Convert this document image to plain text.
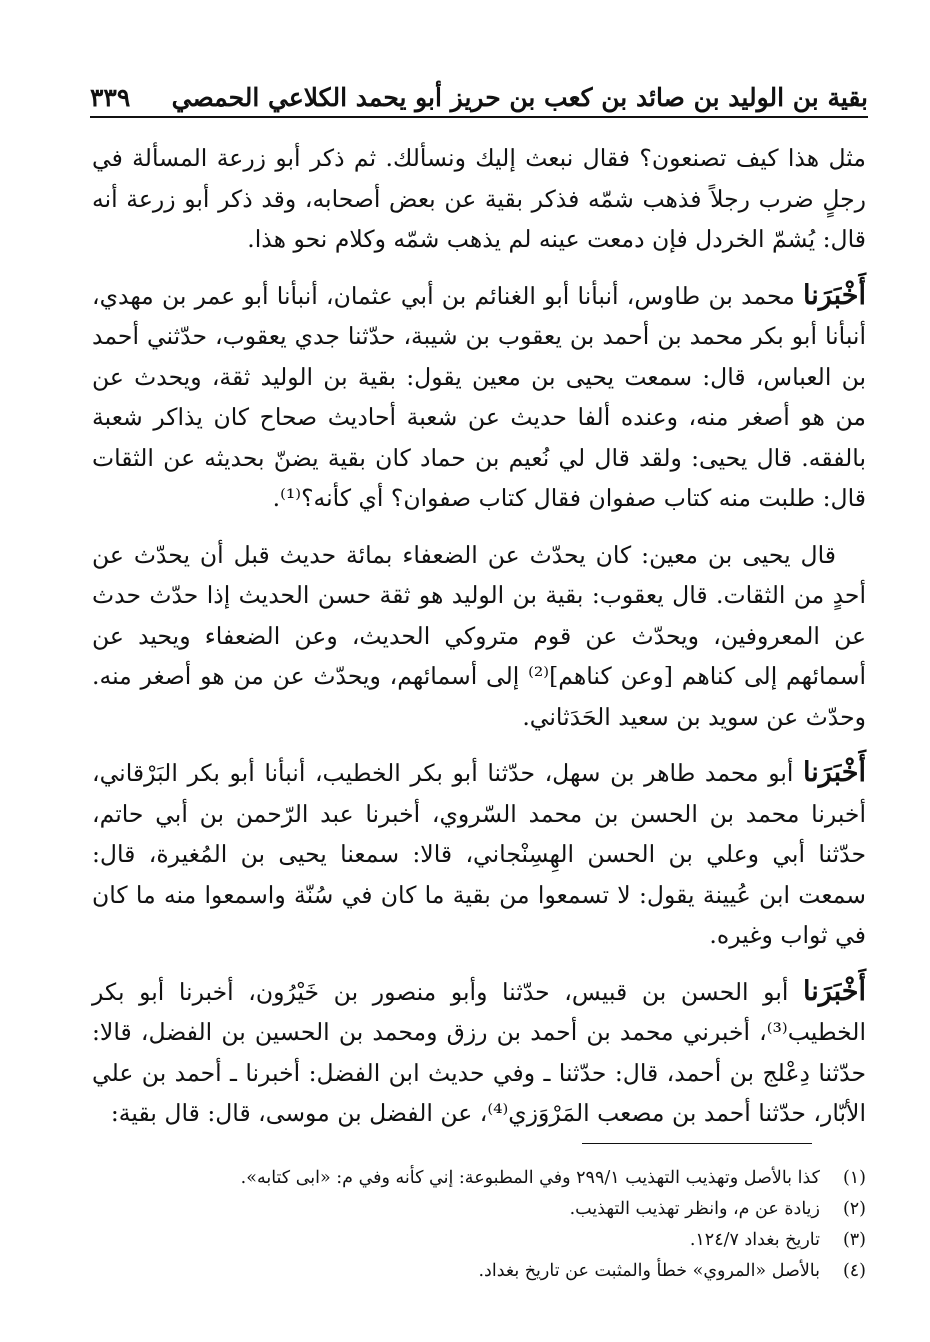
بقية بن الوليد بن صائد بن كعب بن حريز أبو يحمد الكلاعي الحمصي
٣٣٩

مثل هذا كيف تصنعون؟ فقال نبعث إليك ونسألك. ثم ذكر أبو زرعة المسألة في رجلٍ ضرب رجلاً فذهب شمّه فذكر بقية عن بعض أصحابه، وقد ذكر أبو زرعة أنه قال: يُشمّ الخردل فإن دمعت عينه لم يذهب شمّه وكلام نحو هذا.

أَخْبَرَنا محمد بن طاوس، أنبأنا أبو الغنائم بن أبي عثمان، أنبأنا أبو عمر بن مهدي، أنبأنا أبو بكر محمد بن أحمد بن يعقوب بن شيبة، حدّثنا جدي يعقوب، حدّثني أحمد بن العباس، قال: سمعت يحيى بن معين يقول: بقية بن الوليد ثقة، ويحدث عن من هو أصغر منه، وعنده ألفا حديث عن شعبة أحاديث صحاح كان يذاكر شعبة بالفقه. قال يحيى: ولقد قال لي نُعيم بن حماد كان بقية يضنّ بحديثه عن الثقات قال: طلبت منه كتاب صفوان فقال كتاب صفوان؟ أي كأنه؟⁽¹⁾.

قال يحيى بن معين: كان يحدّث عن الضعفاء بمائة حديث قبل أن يحدّث عن أحدٍ من الثقات. قال يعقوب: بقية بن الوليد هو ثقة حسن الحديث إذا حدّث حدث عن المعروفين، ويحدّث عن قوم متروكي الحديث، وعن الضعفاء ويحيد عن أسمائهم إلى كناهم [وعن كناهم]⁽²⁾ إلى أسمائهم، ويحدّث عن من هو أصغر منه. وحدّث عن سويد بن سعيد الحَدَثاني.

أَخْبَرَنا أبو محمد طاهر بن سهل، حدّثنا أبو بكر الخطيب، أنبأنا أبو بكر البَرْقاني، أخبرنا محمد بن الحسن بن محمد السّروي، أخبرنا عبد الرّحمن بن أبي حاتم، حدّثنا أبي وعلي بن الحسن الهِسِنْجاني، قالا: سمعنا يحيى بن المُغيرة، قال: سمعت ابن عُيينة يقول: لا تسمعوا من بقية ما كان في سُنّة واسمعوا منه ما كان في ثواب وغيره.

أَخْبَرَنا أبو الحسن بن قبيس، حدّثنا وأبو منصور بن خَيْرُون، أخبرنا أبو بكر الخطيب⁽³⁾، أخبرني محمد بن أحمد بن رزق ومحمد بن الحسين بن الفضل، قالا: حدّثنا دِعْلج بن أحمد، قال: حدّثنا ـ وفي حديث ابن الفضل: أخبرنا ـ أحمد بن علي الأبّار، حدّثنا أحمد بن مصعب المَرْوَزي⁽⁴⁾، عن الفضل بن موسى، قال: قال بقية:

(١)
كذا بالأصل وتهذيب التهذيب ٢٩٩/١ وفي المطبوعة: إني كأنه وفي م: «ابى كتابه».
(٢)
زيادة عن م، وانظر تهذيب التهذيب.
(٣)
تاريخ بغداد ١٢٤/٧.
(٤)
بالأصل «المروي» خطأ والمثبت عن تاريخ بغداد.
